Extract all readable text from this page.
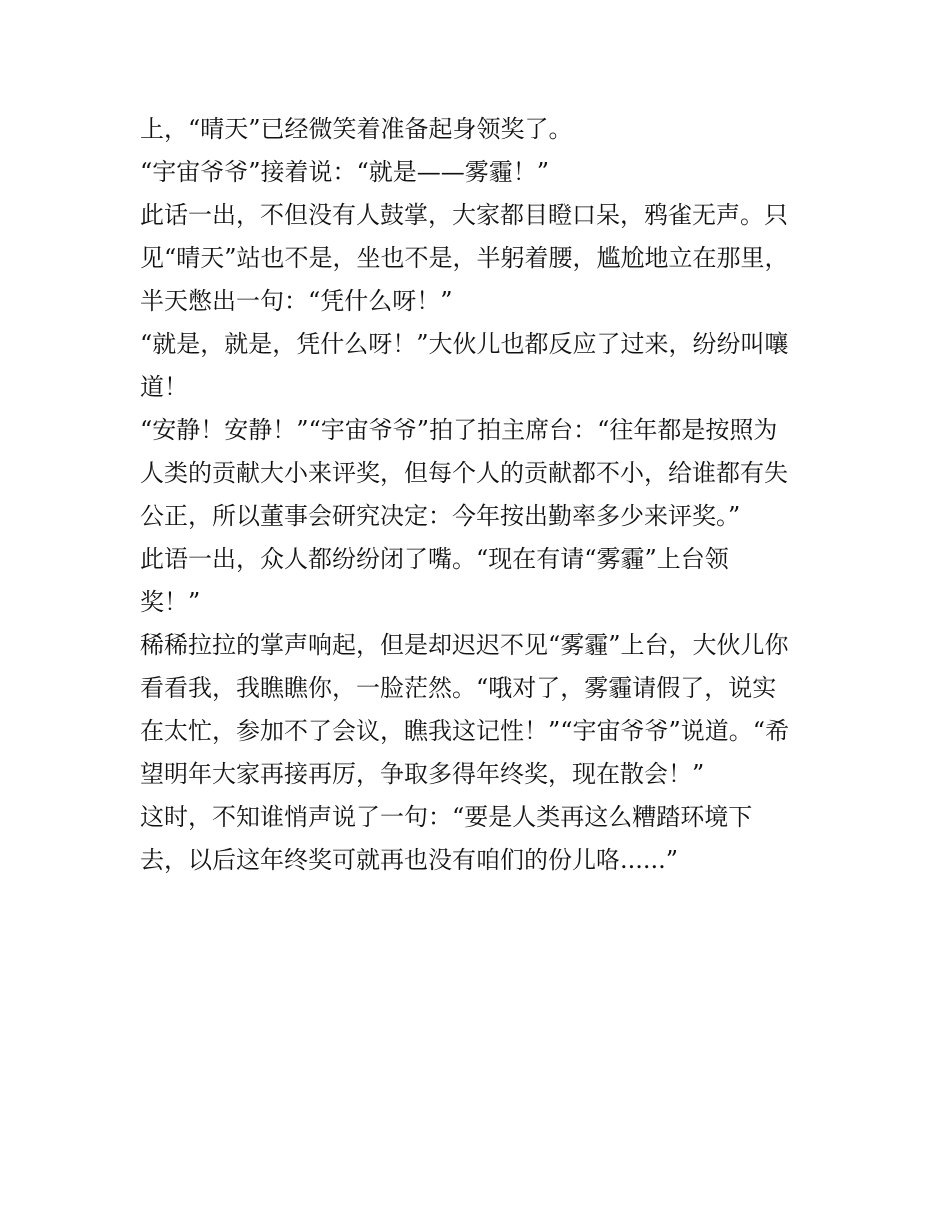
上，“晴天”已经微笑着准备起身领奖了。
“宇宙爷爷”接着说：“就是——雾霾！”
此话一出，不但没有人鼓掌，大家都目瞪口呆，鸦雀无声。只
见“晴天”站也不是，坐也不是，半躬着腰，尴尬地立在那里，
半天憋出一句：“凭什么呀！”
“就是，就是，凭什么呀！”大伙儿也都反应了过来，纷纷叫嚷
道！
“安静！安静！”“宇宙爷爷”拍了拍主席台：“往年都是按照为
人类的贡献大小来评奖，但每个人的贡献都不小，给谁都有失
公正，所以董事会研究决定：今年按出勤率多少来评奖。”
此语一出，众人都纷纷闭了嘴。“现在有请“雾霾”上台领
奖！”
稀稀拉拉的掌声响起，但是却迟迟不见“雾霾”上台，大伙儿你
看看我，我瞧瞧你，一脸茫然。“哦对了，雾霾请假了，说实
在太忙，参加不了会议，瞧我这记性！”“宇宙爷爷”说道。“希
望明年大家再接再厉，争取多得年终奖，现在散会！”
这时，不知谁悄声说了一句：“要是人类再这么糟踏环境下
去，以后这年终奖可就再也没有咱们的份儿咯......”
